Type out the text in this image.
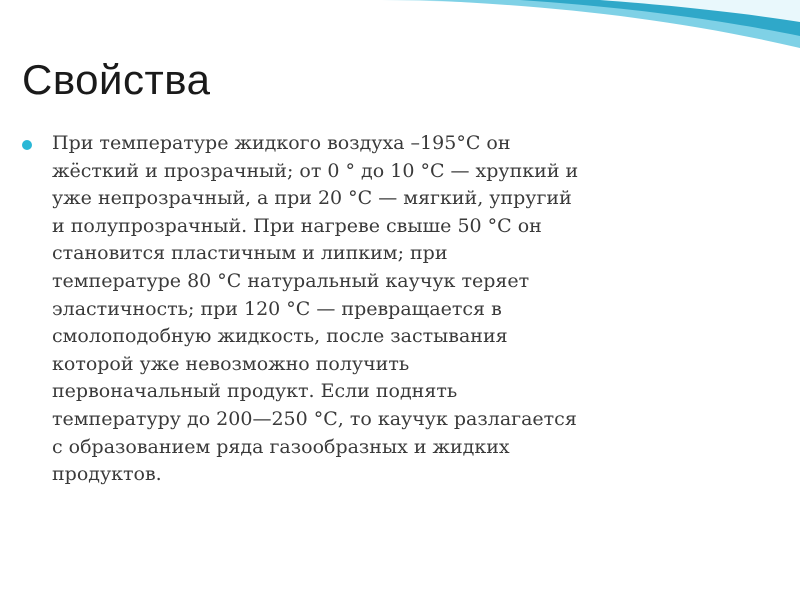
Свойства

При температуре жидкого воздуха –195°С он
жёсткий и прозрачный; от 0 ° до 10 °С — хрупкий и
уже непрозрачный, а при 20 °С — мягкий, упругий
и полупрозрачный. При нагреве свыше 50 °С он
становится пластичным и липким; при
температуре 80 °С натуральный каучук теряет
эластичность; при 120 °С — превращается в
смолоподобную жидкость, после застывания
которой уже невозможно получить
первоначальный продукт. Если поднять
температуру до 200—250 °С, то каучук разлагается
с образованием ряда газообразных и жидких
продуктов.
